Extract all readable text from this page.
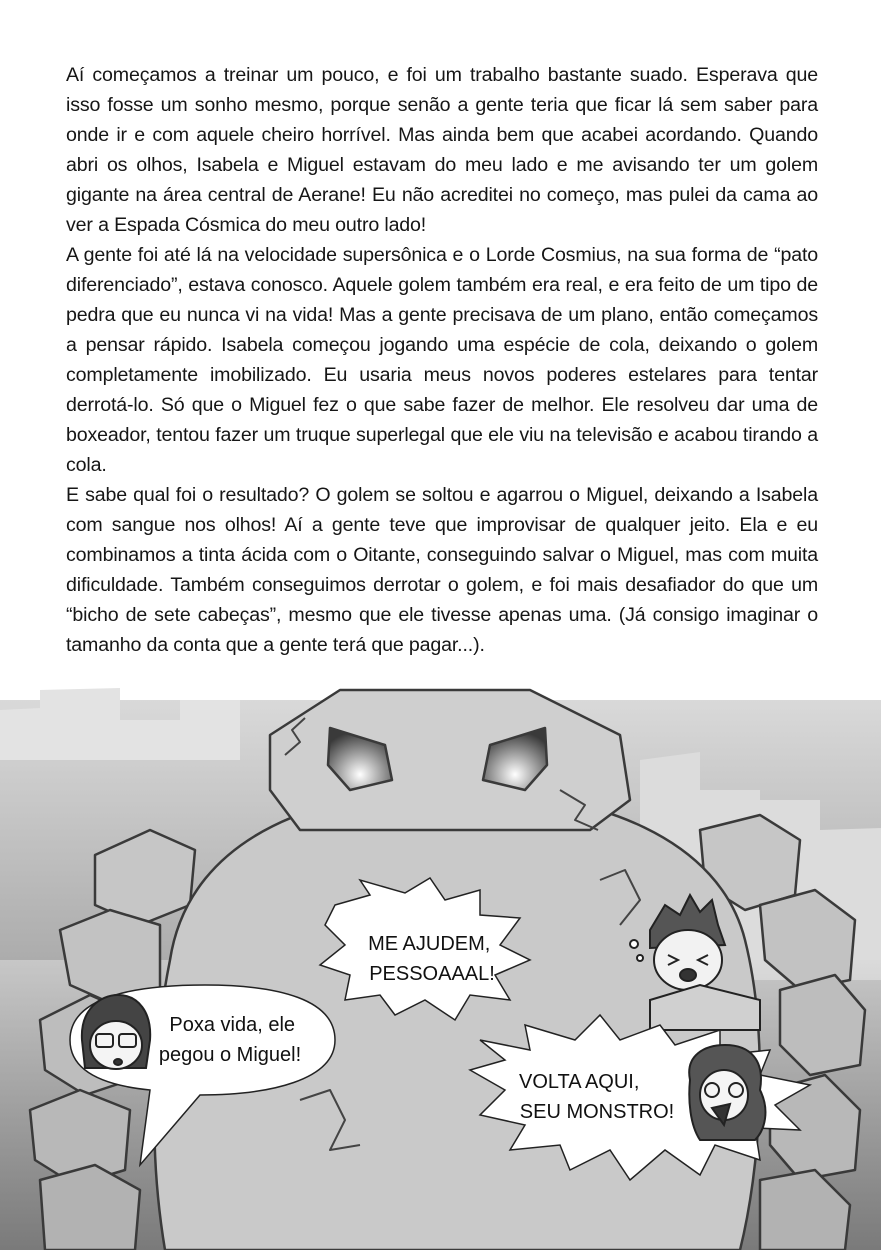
Aí começamos a treinar um pouco, e foi um trabalho bastante suado. Esperava que isso fosse um sonho mesmo, porque senão a gente teria que ficar lá sem saber para onde ir e com aquele cheiro horrível. Mas ainda bem que acabei acordando. Quando abri os olhos, Isabela e Miguel estavam do meu lado e me avisando ter um golem gigante na área central de Aerane! Eu não acreditei no começo, mas pulei da cama ao ver a Espada Cósmica do meu outro lado!

A gente foi até lá na velocidade supersônica e o Lorde Cosmius, na sua forma de “pato diferenciado”, estava conosco. Aquele golem também era real, e era feito de um tipo de pedra que eu nunca vi na vida! Mas a gente precisava de um plano, então começamos a pensar rápido. Isabela começou jogando uma espécie de cola, deixando o golem completamente imobilizado. Eu usaria meus novos poderes estelares para tentar derrotá-lo. Só que o Miguel fez o que sabe fazer de melhor. Ele resolveu dar uma de boxeador, tentou fazer um truque superlegal que ele viu na televisão e acabou tirando a cola.

E sabe qual foi o resultado? O golem se soltou e agarrou o Miguel, deixando a Isabela com sangue nos olhos! Aí a gente teve que improvisar de qualquer jeito. Ela e eu combinamos a tinta ácida com o Oitante, conseguindo salvar o Miguel, mas com muita dificuldade. Também conseguimos derrotar o golem, e foi mais desafiador do que um “bicho de sete cabeças”, mesmo que ele tivesse apenas uma. (Já consigo imaginar o tamanho da conta que a gente terá que pagar...).

ME AJUDEM, PESSOAAAL!
Poxa vida, ele pegou o Miguel!
VOLTA AQUI, SEU MONSTRO!
